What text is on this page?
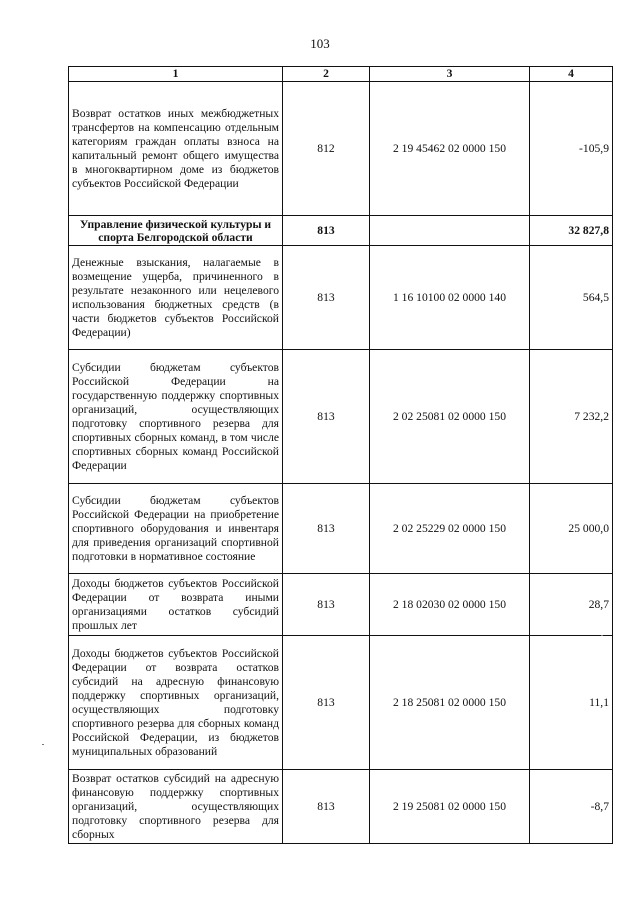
103
1	2	3	4
Возврат остатков иных межбюджетных трансфертов на компенсацию отдельным категориям граждан оплаты взноса на капитальный ремонт общего имущества в многоквартирном доме из бюджетов субъектов Российской Федерации	812	2 19 45462 02 0000 150	-105,9
Управление физической культуры и спорта Белгородской области	813		32 827,8
Денежные взыскания, налагаемые в возмещение ущерба, причиненного в результате незаконного или нецелевого использования бюджетных средств (в части бюджетов субъектов Российской Федерации)	813	1 16 10100 02 0000 140	564,5
Субсидии бюджетам субъектов Российской Федерации на государственную поддержку спортивных организаций, осуществляющих подготовку спортивного резерва для спортивных сборных команд, в том числе спортивных сборных команд Российской Федерации	813	2 02 25081 02 0000 150	7 232,2
Субсидии бюджетам субъектов Российской Федерации на приобретение спортивного оборудования и инвентаря для приведения организаций спортивной подготовки в нормативное состояние	813	2 02 25229 02 0000 150	25 000,0
Доходы бюджетов субъектов Российской Федерации от возврата иными организациями остатков субсидий прошлых лет	813	2 18 02030 02 0000 150	28,7
Доходы бюджетов субъектов Российской Федерации от возврата остатков субсидий на адресную финансовую поддержку спортивных организаций, осуществляющих подготовку спортивного резерва для сборных команд Российской Федерации, из бюджетов муниципальных образований	813	2 18 25081 02 0000 150	11,1
Возврат остатков субсидий на адресную финансовую поддержку спортивных организаций, осуществляющих подготовку спортивного резерва для сборных	813	2 19 25081 02 0000 150	-8,7
